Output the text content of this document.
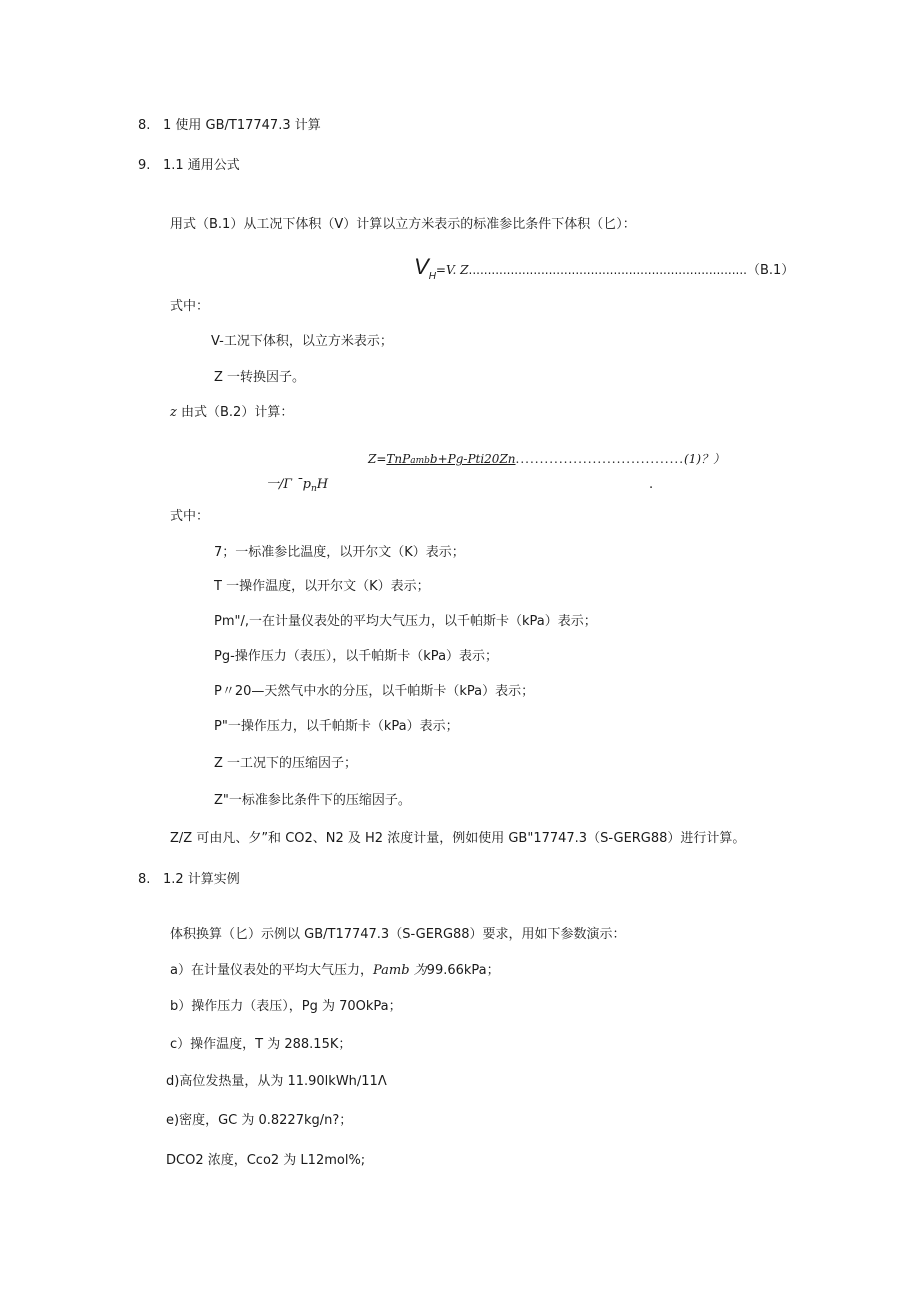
8. 1 使用 GB/T17747.3 计算
9. 1.1 通用公式
用式（B.1）从工况下体积（V）计算以立方米表示的标准参比条件下体积（匕）：
$V_H=V$. Z.........................................................................（B.1）
式中：
V-工况下体积，以立方米表示；
Z 一转换因子。
z 由式（B.2）计算：
Z=TnPambb+Pg-Pti20Zn...................................(1)？）
一/Г ˉp$_n$H	.
式中：
7；一标准参比温度，以开尔文（K）表示；
T 一操作温度，以开尔文（K）表示；
Pm"/,一在计量仪表处的平均大气压力，以千帕斯卡（kPa）表示；
Pg-操作压力（表压），以千帕斯卡（kPa）表示；
P〃20—天然气中水的分压，以千帕斯卡（kPa）表示；
P"一操作压力，以千帕斯卡（kPa）表示；
Z 一工况下的压缩因子；
Z"一标准参比条件下的压缩因子。
Z/Z 可由凡、夕”和 CO2、N2 及 H2 浓度计量，例如使用 GB"17747.3（S-GERG88）进行计算。
8. 1.2 计算实例
体积换算（匕）示例以 GB/T17747.3（S-GERG88）要求，用如下参数演示：
a）在计量仪表处的平均大气压力，Pamb 为99.66kPa；
b）操作压力（表压），Pg 为 70OkPa；
c）操作温度，T 为 288.15K；
d)高位发热量，从为 11.90lkWh∕11Λ
e)密度，GC 为 0.8227kg/n?；
DCO2 浓度，Cco2 为 L12mol%;
